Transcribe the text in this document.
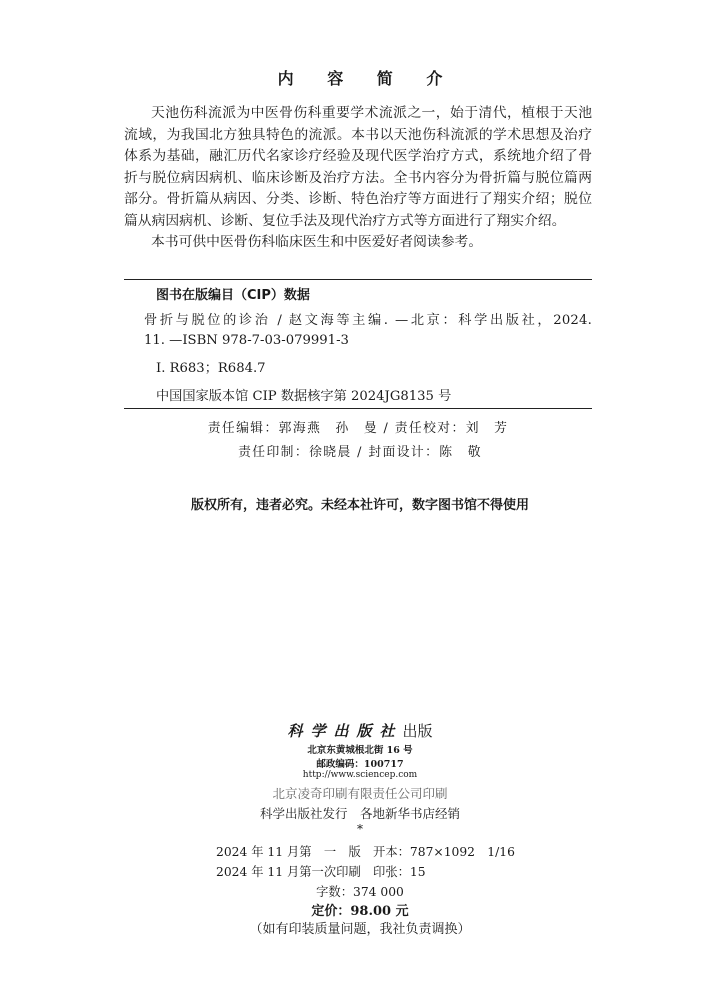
内 容 简 介

天池伤科流派为中医骨伤科重要学术流派之一，始于清代，植根于天池流域，为我国北方独具特色的流派。本书以天池伤科流派的学术思想及治疗体系为基础，融汇历代名家诊疗经验及现代医学治疗方式，系统地介绍了骨折与脱位病因病机、临床诊断及治疗方法。全书内容分为骨折篇与脱位篇两部分。骨折篇从病因、分类、诊断、特色治疗等方面进行了翔实介绍；脱位篇从病因病机、诊断、复位手法及现代治疗方式等方面进行了翔实介绍。

本书可供中医骨伤科临床医生和中医爱好者阅读参考。

图书在版编目（CIP）数据
骨折与脱位的诊治 / 赵文海等主编. —北京：科学出版社，2024.
11. —ISBN 978-7-03-079991-3
Ⅰ. R683；R684.7
中国国家版本馆 CIP 数据核字第 2024JG8135 号
责任编辑：郭海燕　孙　曼 / 责任校对：刘　芳
责任印制：徐晓晨 / 封面设计：陈　敬
版权所有，违者必究。未经本社许可，数字图书馆不得使用
科学出版社出版
北京东黄城根北街 16 号
邮政编码：100717
http://www.sciencep.com
北京凌奇印刷有限责任公司印刷
科学出版社发行　各地新华书店经销
*
2024 年 11 月第　一　版　开本：787×1092　1/16
2024 年 11 月第一次印刷　印张：15
字数：374 000
定价：98.00 元
（如有印装质量问题，我社负责调换）
